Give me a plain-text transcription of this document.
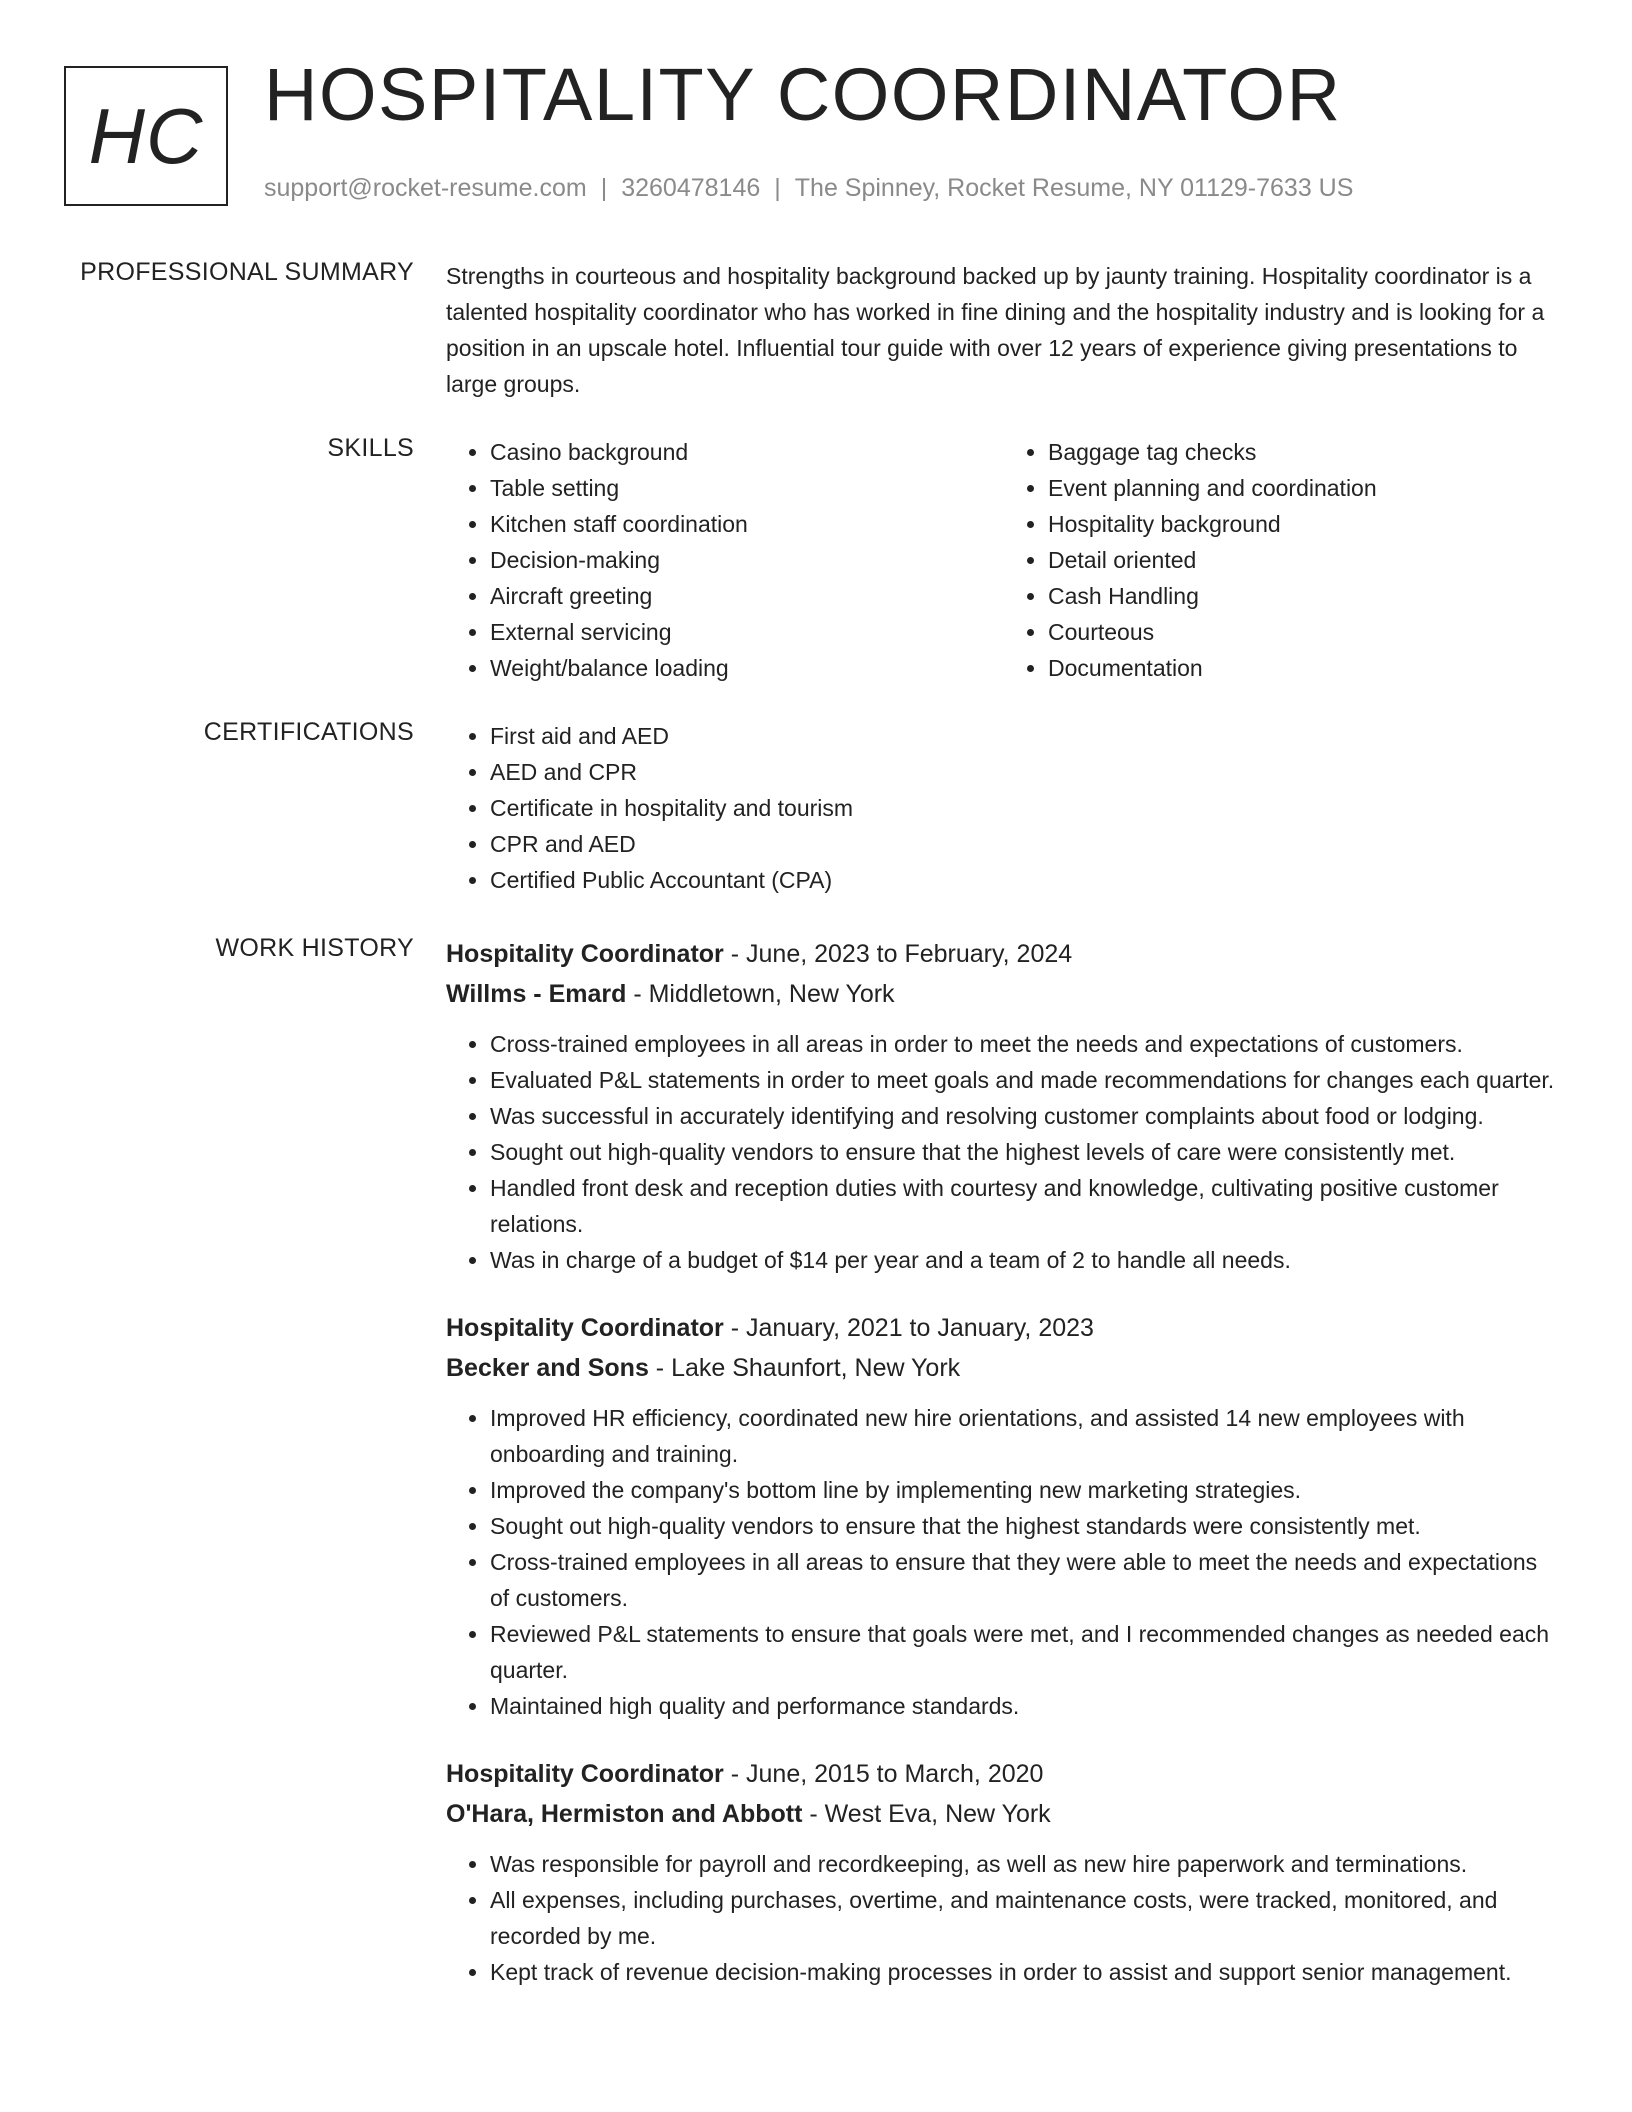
HC HOSPITALITY COORDINATOR
support@rocket-resume.com | 3260478146 | The Spinney, Rocket Resume, NY 01129-7633 US
PROFESSIONAL SUMMARY Strengths in courteous and hospitality background backed up by jaunty training. Hospitality coordinator is a talented hospitality coordinator who has worked in fine dining and the hospitality industry and is looking for a position in an upscale hotel. Influential tour guide with over 12 years of experience giving presentations to large groups.

SKILLS	• Casino background
• Table setting
• Kitchen staff coordination
• Decision-making
• Aircraft greeting
• External servicing
• Weight/balance loading
• Baggage tag checks
• Event planning and coordination
• Hospitality background
• Detail oriented
• Cash Handling
• Courteous
• Documentation
CERTIFICATIONS	• First aid and AED
• AED and CPR
• Certificate in hospitality and tourism
• CPR and AED
• Certified Public Accountant (CPA)
WORK HISTORY Hospitality Coordinator - June, 2023 to February, 2024
Willms - Emard - Middletown, New York
• Cross-trained employees in all areas in order to meet the needs and expectations of customers.
• Evaluated P&L statements in order to meet goals and made recommendations for changes each quarter.
• Was successful in accurately identifying and resolving customer complaints about food or lodging.
• Sought out high-quality vendors to ensure that the highest levels of care were consistently met.
• Handled front desk and reception duties with courtesy and knowledge, cultivating positive customer relations.
• Was in charge of a budget of $14 per year and a team of 2 to handle all needs.
Hospitality Coordinator - January, 2021 to January, 2023
Becker and Sons - Lake Shaunfort, New York
• Improved HR efficiency, coordinated new hire orientations, and assisted 14 new employees with onboarding and training.
• Improved the company's bottom line by implementing new marketing strategies.
• Sought out high-quality vendors to ensure that the highest standards were consistently met.
• Cross-trained employees in all areas to ensure that they were able to meet the needs and expectations of customers.
• Reviewed P&L statements to ensure that goals were met, and I recommended changes as needed each quarter.
• Maintained high quality and performance standards.
Hospitality Coordinator - June, 2015 to March, 2020
O'Hara, Hermiston and Abbott - West Eva, New York
• Was responsible for payroll and recordkeeping, as well as new hire paperwork and terminations.
• All expenses, including purchases, overtime, and maintenance costs, were tracked, monitored, and recorded by me.
• Kept track of revenue decision-making processes in order to assist and support senior management.
